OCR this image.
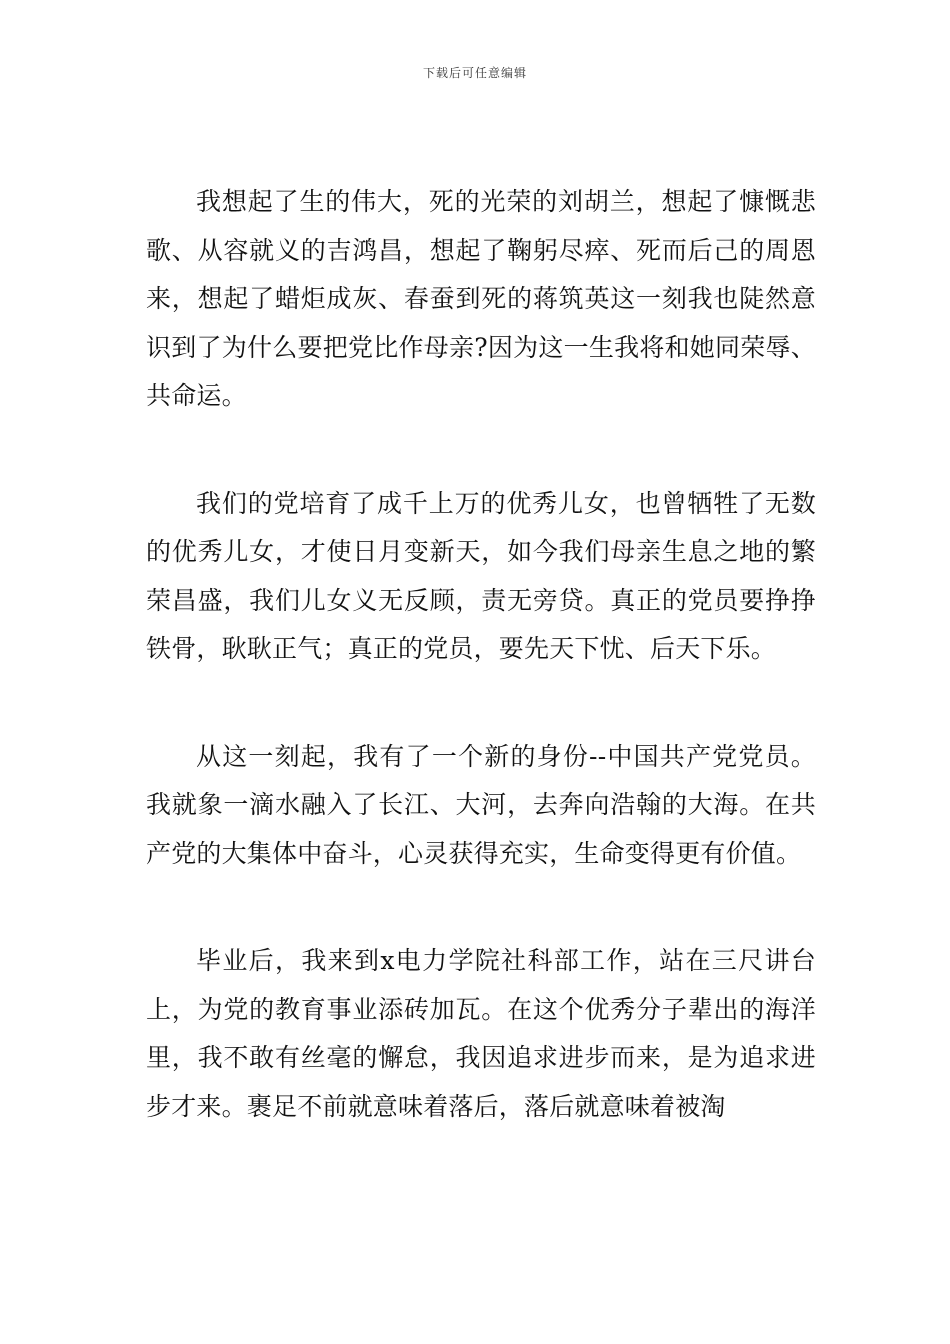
下载后可任意编辑

我想起了生的伟大，死的光荣的刘胡兰，想起了慷慨悲歌、从容就义的吉鸿昌，想起了鞠躬尽瘁、死而后己的周恩来，想起了蜡炬成灰、春蚕到死的蒋筑英这一刻我也陡然意识到了为什么要把党比作母亲?因为这一生我将和她同荣辱、共命运。

我们的党培育了成千上万的优秀儿女，也曾牺牲了无数的优秀儿女，才使日月变新天，如今我们母亲生息之地的繁荣昌盛，我们儿女义无反顾，责无旁贷。真正的党员要挣挣铁骨，耿耿正气；真正的党员，要先天下忧、后天下乐。

从这一刻起，我有了一个新的身份--中国共产党党员。我就象一滴水融入了长江、大河，去奔向浩翰的大海。在共产党的大集体中奋斗，心灵获得充实，生命变得更有价值。

毕业后，我来到x电力学院社科部工作，站在三尺讲台上，为党的教育事业添砖加瓦。在这个优秀分子辈出的海洋里，我不敢有丝毫的懈怠，我因追求进步而来，是为追求进步才来。裹足不前就意味着落后，落后就意味着被淘
